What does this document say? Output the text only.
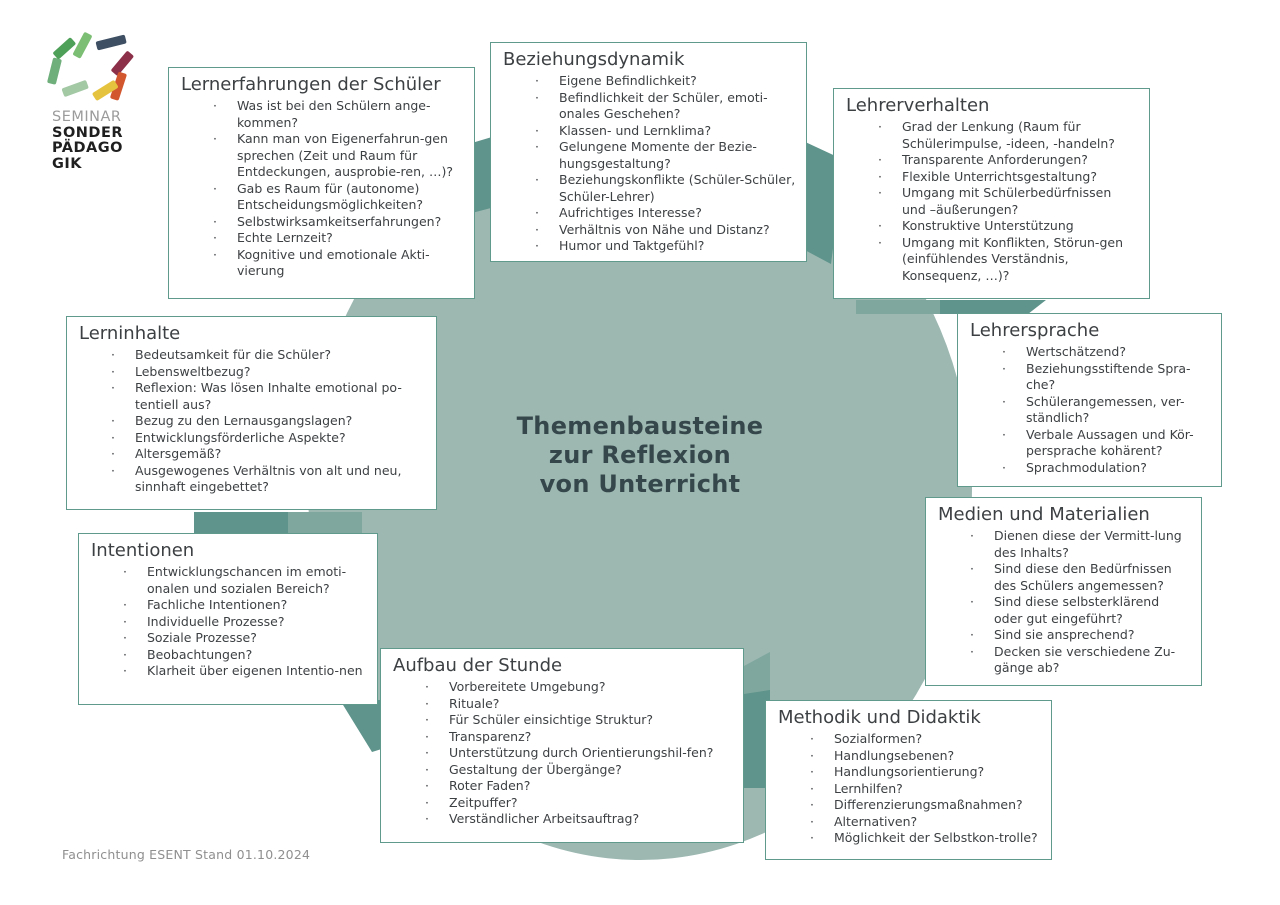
SEMINAR
SONDER
PÄDAGO
GIK
Themenbausteine
zur Reflexion
von Unterricht
Lernerfahrungen der Schüler
· Was ist bei den Schülern ange-kommen?
· Kann man von Eigenerfahrun-gen sprechen (Zeit und Raum für Entdeckungen, ausprobie-ren, …)?
· Gab es Raum für (autonome) Entscheidungsmöglichkeiten?
· Selbstwirksamkeitserfahrungen?
· Echte Lernzeit?
· Kognitive und emotionale Akti-vierung
Beziehungsdynamik
· Eigene Befindlichkeit?
· Befindlichkeit der Schüler, emoti-onales Geschehen?
· Klassen- und Lernklima?
· Gelungene Momente der Bezie-hungsgestaltung?
· Beziehungskonflikte (Schüler-Schüler, Schüler-Lehrer)
· Aufrichtiges Interesse?
· Verhältnis von Nähe und Distanz?
· Humor und Taktgefühl?
Lehrerverhalten
· Grad der Lenkung (Raum für Schülerimpulse, -ideen, -handeln?
· Transparente Anforderungen?
· Flexible Unterrichtsgestaltung?
· Umgang mit Schülerbedürfnissen und –äußerungen?
· Konstruktive Unterstützung
· Umgang mit Konflikten, Störun-gen (einfühlendes Verständnis, Konsequenz, …)?
Lehrersprache
· Wertschätzend?
· Beziehungsstiftende Spra-che?
· Schülerangemessen, ver-ständlich?
· Verbale Aussagen und Kör-persprache kohärent?
· Sprachmodulation?
Medien und Materialien
· Dienen diese der Vermitt-lung des Inhalts?
· Sind diese den Bedürfnissen des Schülers angemessen?
· Sind diese selbsterklärend oder gut eingeführt?
· Sind sie ansprechend?
· Decken sie verschiedene Zu-gänge ab?
Methodik und Didaktik
· Sozialformen?
· Handlungsebenen?
· Handlungsorientierung?
· Lernhilfen?
· Differenzierungsmaßnahmen?
· Alternativen?
· Möglichkeit der Selbstkon-trolle?
Aufbau der Stunde
· Vorbereitete Umgebung?
· Rituale?
· Für Schüler einsichtige Struktur?
· Transparenz?
· Unterstützung durch Orientierungshil-fen?
· Gestaltung der Übergänge?
· Roter Faden?
· Zeitpuffer?
· Verständlicher Arbeitsauftrag?
Intentionen
· Entwicklungschancen im emoti-onalen und sozialen Bereich?
· Fachliche Intentionen?
· Individuelle Prozesse?
· Soziale Prozesse?
· Beobachtungen?
· Klarheit über eigenen Intentio-nen
Lerninhalte
· Bedeutsamkeit für die Schüler?
· Lebensweltbezug?
· Reflexion: Was lösen Inhalte emotional po-tentiell aus?
· Bezug zu den Lernausgangslagen?
· Entwicklungsförderliche Aspekte?
· Altersgemäß?
· Ausgewogenes Verhältnis von alt und neu, sinnhaft eingebettet?
Fachrichtung ESENT Stand 01.10.2024
